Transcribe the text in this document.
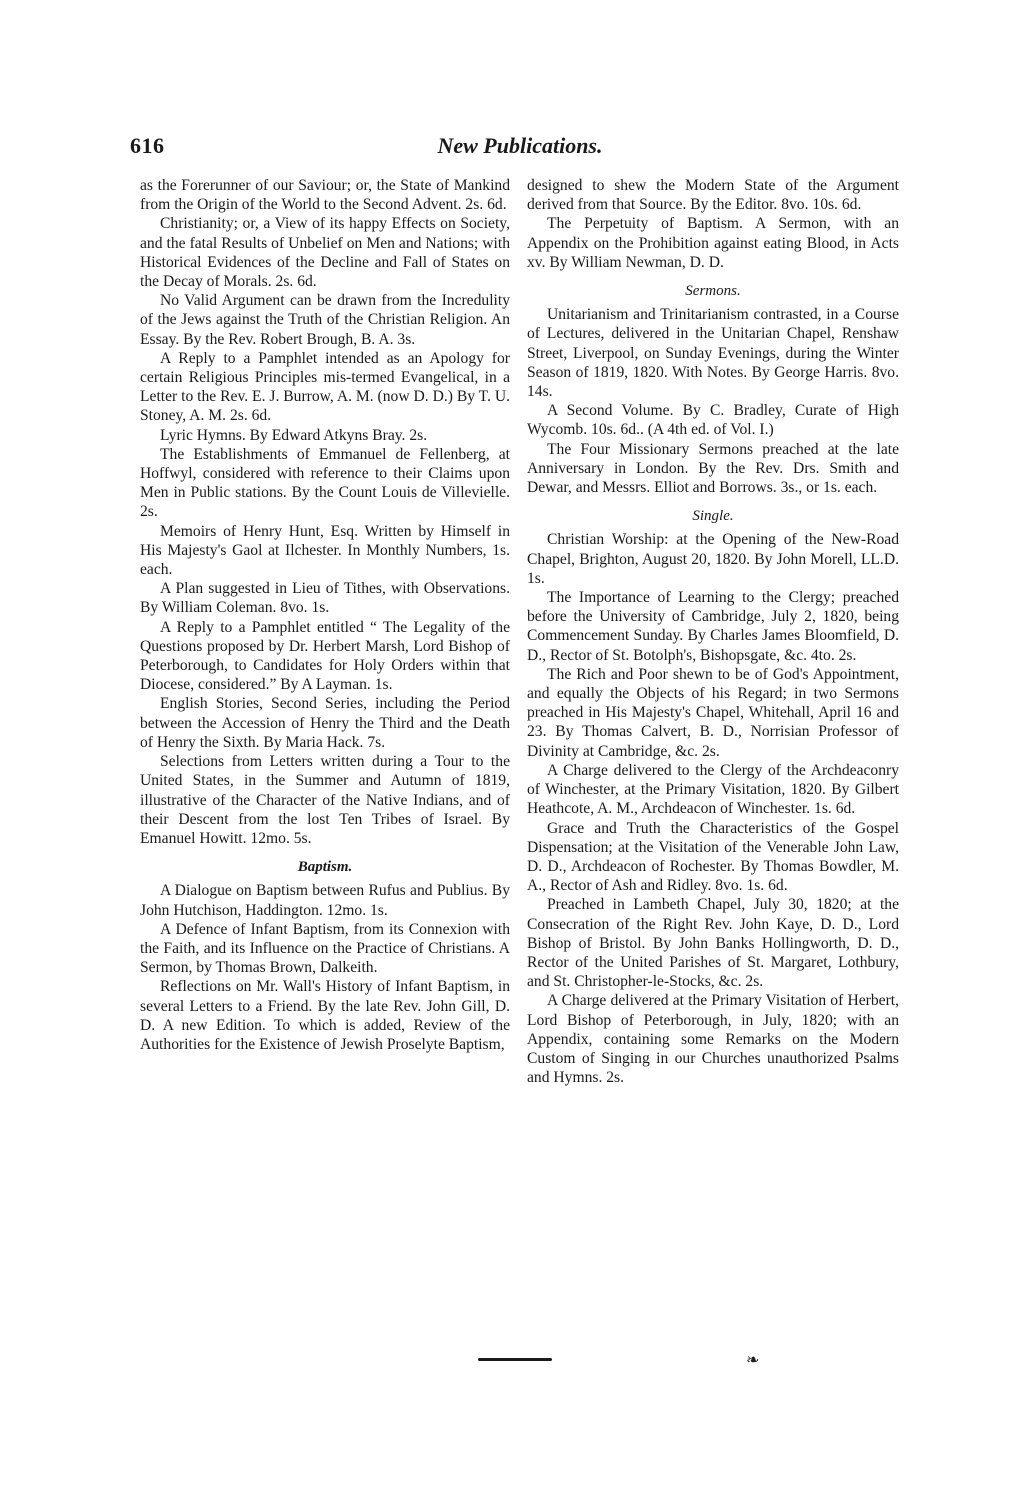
616	New Publications.

as the Forerunner of our Saviour; or, the State of Mankind from the Origin of the World to the Second Advent. 2s. 6d.

Christianity; or, a View of its happy Effects on Society, and the fatal Results of Unbelief on Men and Nations; with Historical Evidences of the Decline and Fall of States on the Decay of Morals. 2s. 6d.

No Valid Argument can be drawn from the Incredulity of the Jews against the Truth of the Christian Religion. An Essay. By the Rev. Robert Brough, B. A. 3s.

A Reply to a Pamphlet intended as an Apology for certain Religious Principles mis-termed Evangelical, in a Letter to the Rev. E. J. Burrow, A. M. (now D. D.) By T. U. Stoney, A. M. 2s. 6d.

Lyric Hymns. By Edward Atkyns Bray. 2s.

The Establishments of Emmanuel de Fellenberg, at Hoffwyl, considered with reference to their Claims upon Men in Public stations. By the Count Louis de Villevielle. 2s.

Memoirs of Henry Hunt, Esq. Written by Himself in His Majesty's Gaol at Ilchester. In Monthly Numbers, 1s. each.

A Plan suggested in Lieu of Tithes, with Observations. By William Coleman. 8vo. 1s.

A Reply to a Pamphlet entitled “ The Legality of the Questions proposed by Dr. Herbert Marsh, Lord Bishop of Peterborough, to Candidates for Holy Orders within that Diocese, considered.” By A Layman. 1s.

English Stories, Second Series, including the Period between the Accession of Henry the Third and the Death of Henry the Sixth. By Maria Hack. 7s.

Selections from Letters written during a Tour to the United States, in the Summer and Autumn of 1819, illustrative of the Character of the Native Indians, and of their Descent from the lost Ten Tribes of Israel. By Emanuel Howitt. 12mo. 5s.

Baptism.

A Dialogue on Baptism between Rufus and Publius. By John Hutchison, Haddington. 12mo. 1s.

A Defence of Infant Baptism, from its Connexion with the Faith, and its Influence on the Practice of Christians. A Sermon, by Thomas Brown, Dalkeith.

Reflections on Mr. Wall's History of Infant Baptism, in several Letters to a Friend. By the late Rev. John Gill, D. D. A new Edition. To which is added, Review of the Authorities for the Existence of Jewish Proselyte Baptism,

designed to shew the Modern State of the Argument derived from that Source. By the Editor. 8vo. 10s. 6d.

The Perpetuity of Baptism. A Sermon, with an Appendix on the Prohibition against eating Blood, in Acts xv. By William Newman, D. D.

Sermons.

Unitarianism and Trinitarianism contrasted, in a Course of Lectures, delivered in the Unitarian Chapel, Renshaw Street, Liverpool, on Sunday Evenings, during the Winter Season of 1819, 1820. With Notes. By George Harris. 8vo. 14s.

A Second Volume. By C. Bradley, Curate of High Wycomb. 10s. 6d.. (A 4th ed. of Vol. I.)

The Four Missionary Sermons preached at the late Anniversary in London. By the Rev. Drs. Smith and Dewar, and Messrs. Elliot and Borrows. 3s., or 1s. each.

Single.

Christian Worship: at the Opening of the New-Road Chapel, Brighton, August 20, 1820. By John Morell, LL.D. 1s.

The Importance of Learning to the Clergy; preached before the University of Cambridge, July 2, 1820, being Commencement Sunday. By Charles James Bloomfield, D. D., Rector of St. Botolph's, Bishopsgate, &c. 4to. 2s.

The Rich and Poor shewn to be of God's Appointment, and equally the Objects of his Regard; in two Sermons preached in His Majesty's Chapel, Whitehall, April 16 and 23. By Thomas Calvert, B. D., Norrisian Professor of Divinity at Cambridge, &c. 2s.

A Charge delivered to the Clergy of the Archdeaconry of Winchester, at the Primary Visitation, 1820. By Gilbert Heathcote, A. M., Archdeacon of Winchester. 1s. 6d.

Grace and Truth the Characteristics of the Gospel Dispensation; at the Visitation of the Venerable John Law, D. D., Archdeacon of Rochester. By Thomas Bowdler, M. A., Rector of Ash and Ridley. 8vo. 1s. 6d.

Preached in Lambeth Chapel, July 30, 1820; at the Consecration of the Right Rev. John Kaye, D. D., Lord Bishop of Bristol. By John Banks Hollingworth, D. D., Rector of the United Parishes of St. Margaret, Lothbury, and St. Christopher-le-Stocks, &c. 2s.

A Charge delivered at the Primary Visitation of Herbert, Lord Bishop of Peterborough, in July, 1820; with an Appendix, containing some Remarks on the Modern Custom of Singing in our Churches unauthorized Psalms and Hymns. 2s.

❧
